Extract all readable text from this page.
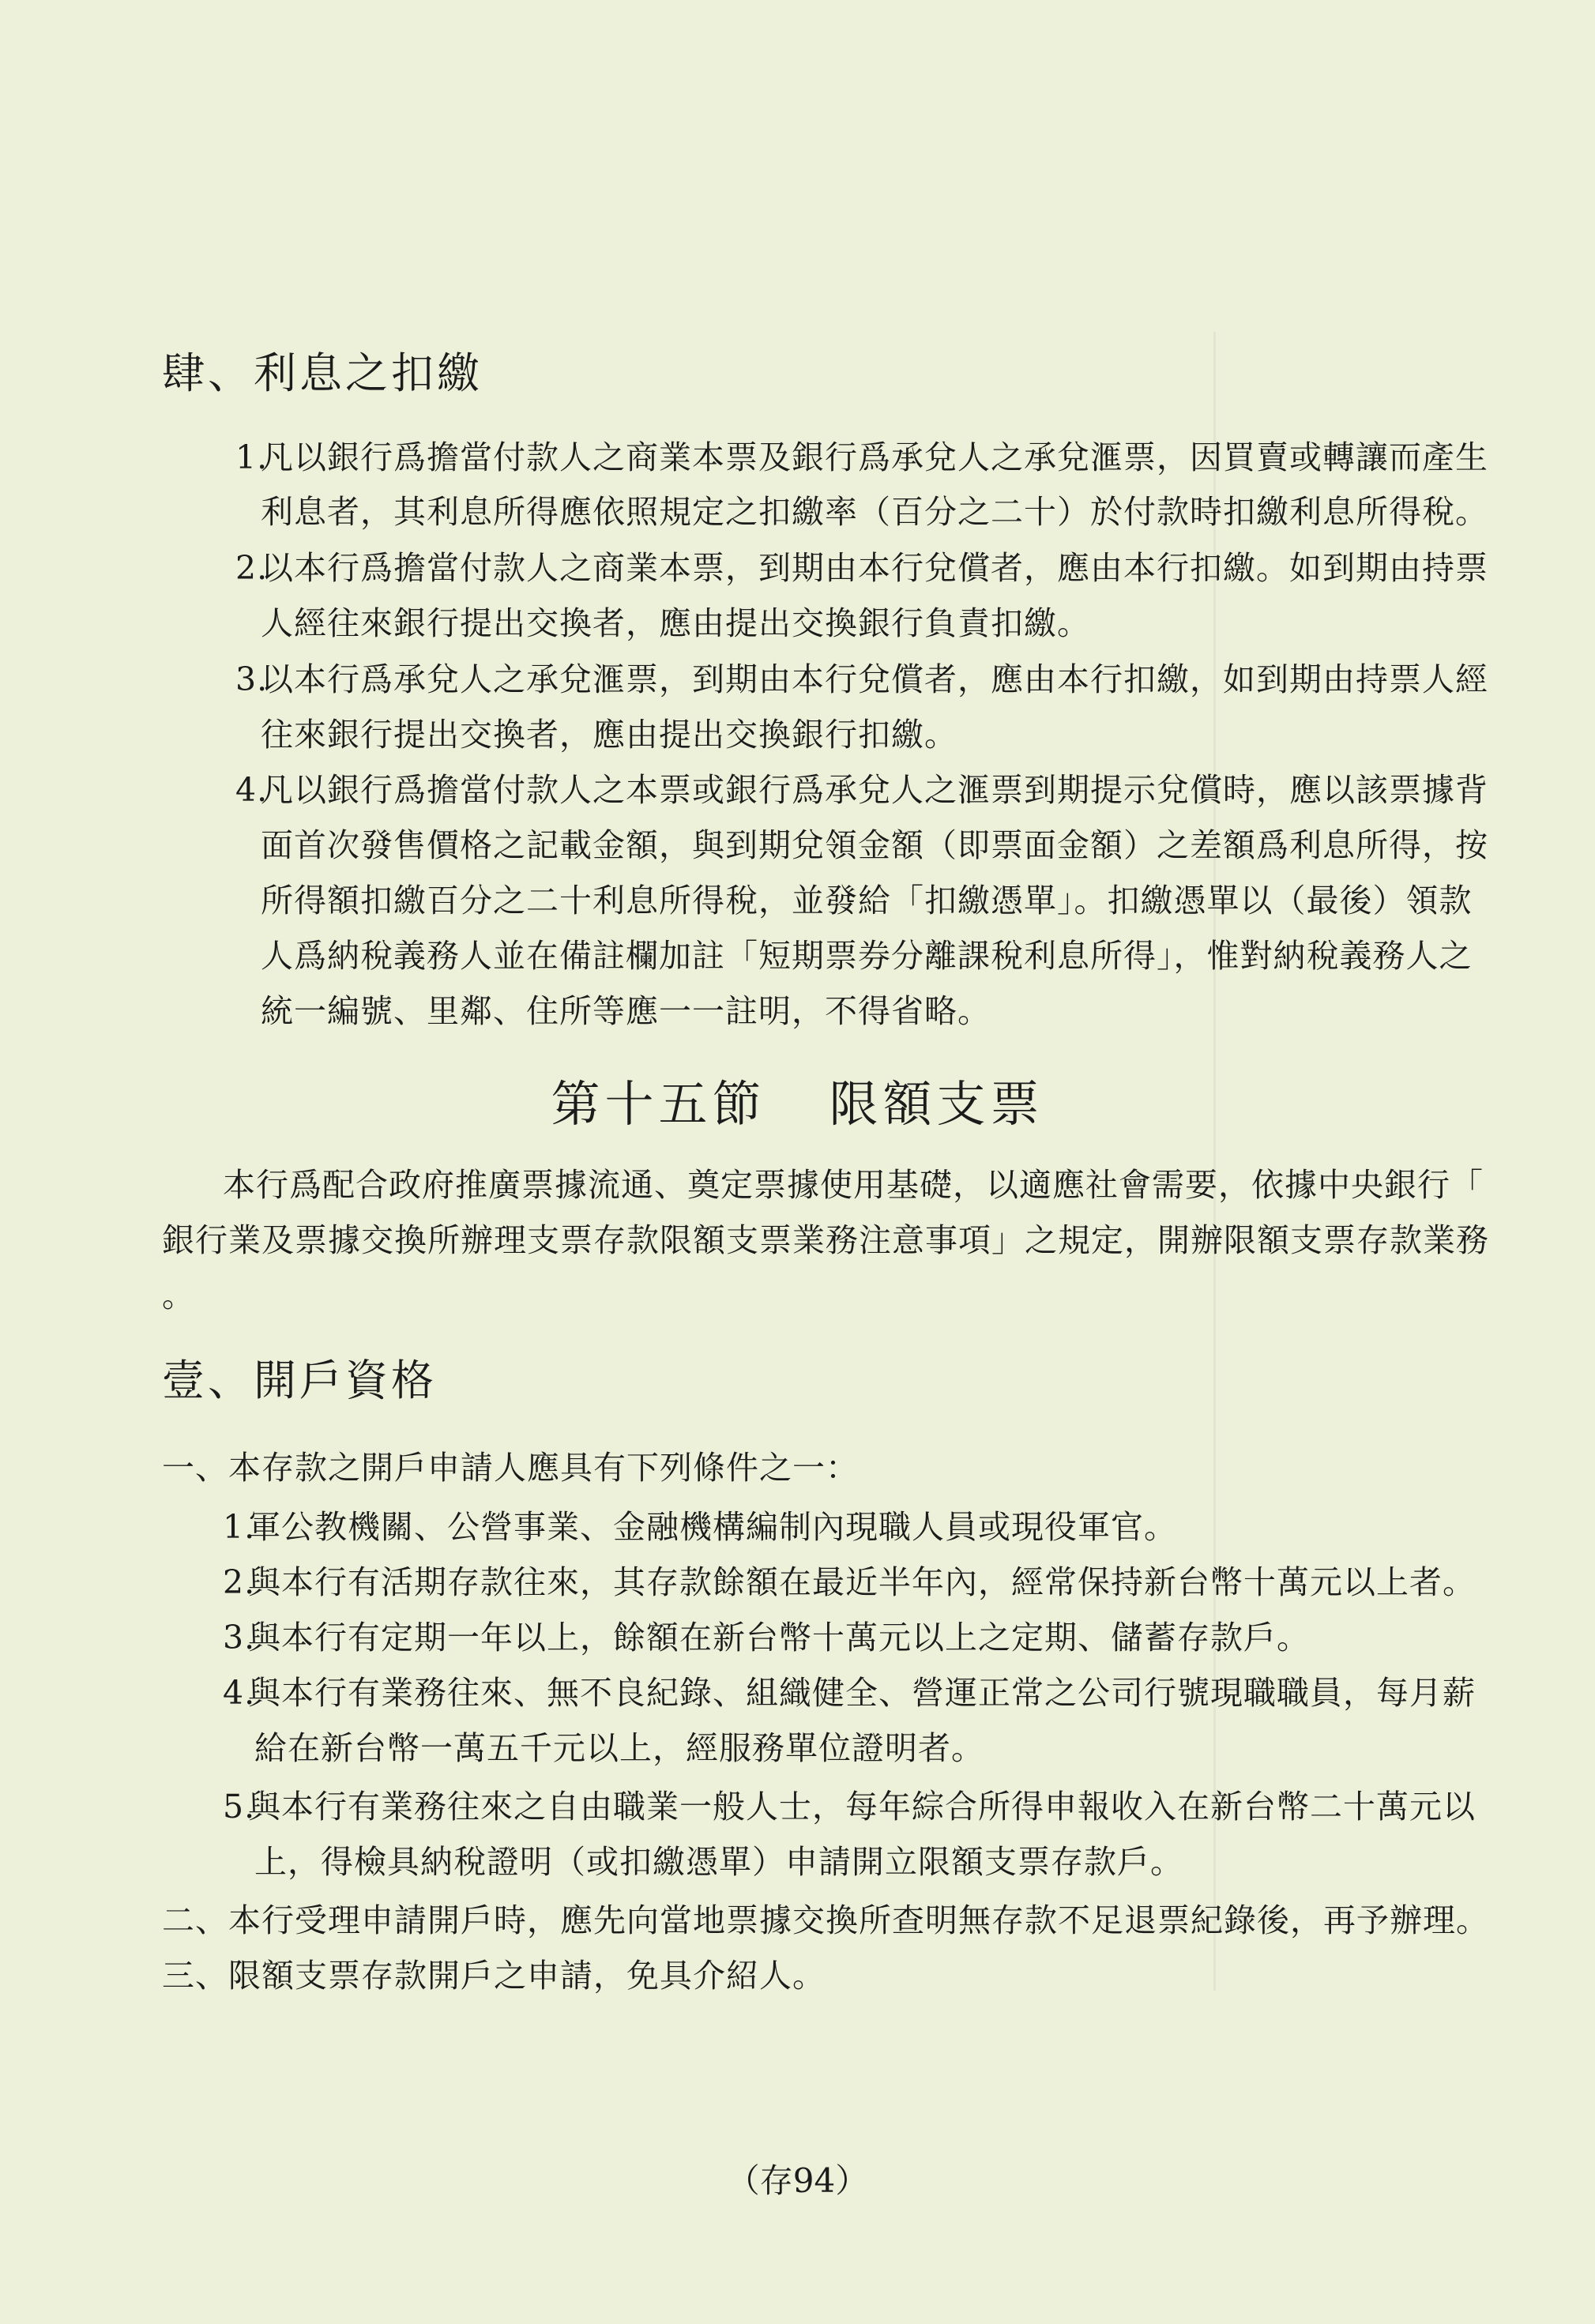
肆、利息之扣繳
1.凡以銀行爲擔當付款人之商業本票及銀行爲承兌人之承兌滙票，因買賣或轉讓而產生
利息者，其利息所得應依照規定之扣繳率（百分之二十）於付款時扣繳利息所得稅。
2.以本行爲擔當付款人之商業本票，到期由本行兌償者，應由本行扣繳。如到期由持票
人經往來銀行提出交換者，應由提出交換銀行負責扣繳。
3.以本行爲承兌人之承兌滙票，到期由本行兌償者，應由本行扣繳，如到期由持票人經
往來銀行提出交換者，應由提出交換銀行扣繳。
4.凡以銀行爲擔當付款人之本票或銀行爲承兌人之滙票到期提示兌償時，應以該票據背
面首次發售價格之記載金額，與到期兌領金額（即票面金額）之差額爲利息所得，按
所得額扣繳百分之二十利息所得稅，並發給「扣繳憑單」。扣繳憑單以（最後）領款
人爲納稅義務人並在備註欄加註「短期票券分離課稅利息所得」，惟對納稅義務人之
統一編號、里鄰、住所等應一一註明，不得省略。
第十五節 限額支票
本行爲配合政府推廣票據流通、奠定票據使用基礎，以適應社會需要，依據中央銀行「
銀行業及票據交換所辦理支票存款限額支票業務注意事項」之規定，開辦限額支票存款業務
。
壹、開戶資格
一、本存款之開戶申請人應具有下列條件之一：
1.軍公教機關、公營事業、金融機構編制內現職人員或現役軍官。
2.與本行有活期存款往來，其存款餘額在最近半年內，經常保持新台幣十萬元以上者。
3.與本行有定期一年以上，餘額在新台幣十萬元以上之定期、儲蓄存款戶。
4.與本行有業務往來、無不良紀錄、組織健全、營運正常之公司行號現職職員，每月薪
給在新台幣一萬五千元以上，經服務單位證明者。
5.與本行有業務往來之自由職業一般人士，每年綜合所得申報收入在新台幣二十萬元以
上，得檢具納稅證明（或扣繳憑單）申請開立限額支票存款戶。
二、本行受理申請開戶時，應先向當地票據交換所查明無存款不足退票紀錄後，再予辦理。
三、限額支票存款開戶之申請，免具介紹人。
（存94）
